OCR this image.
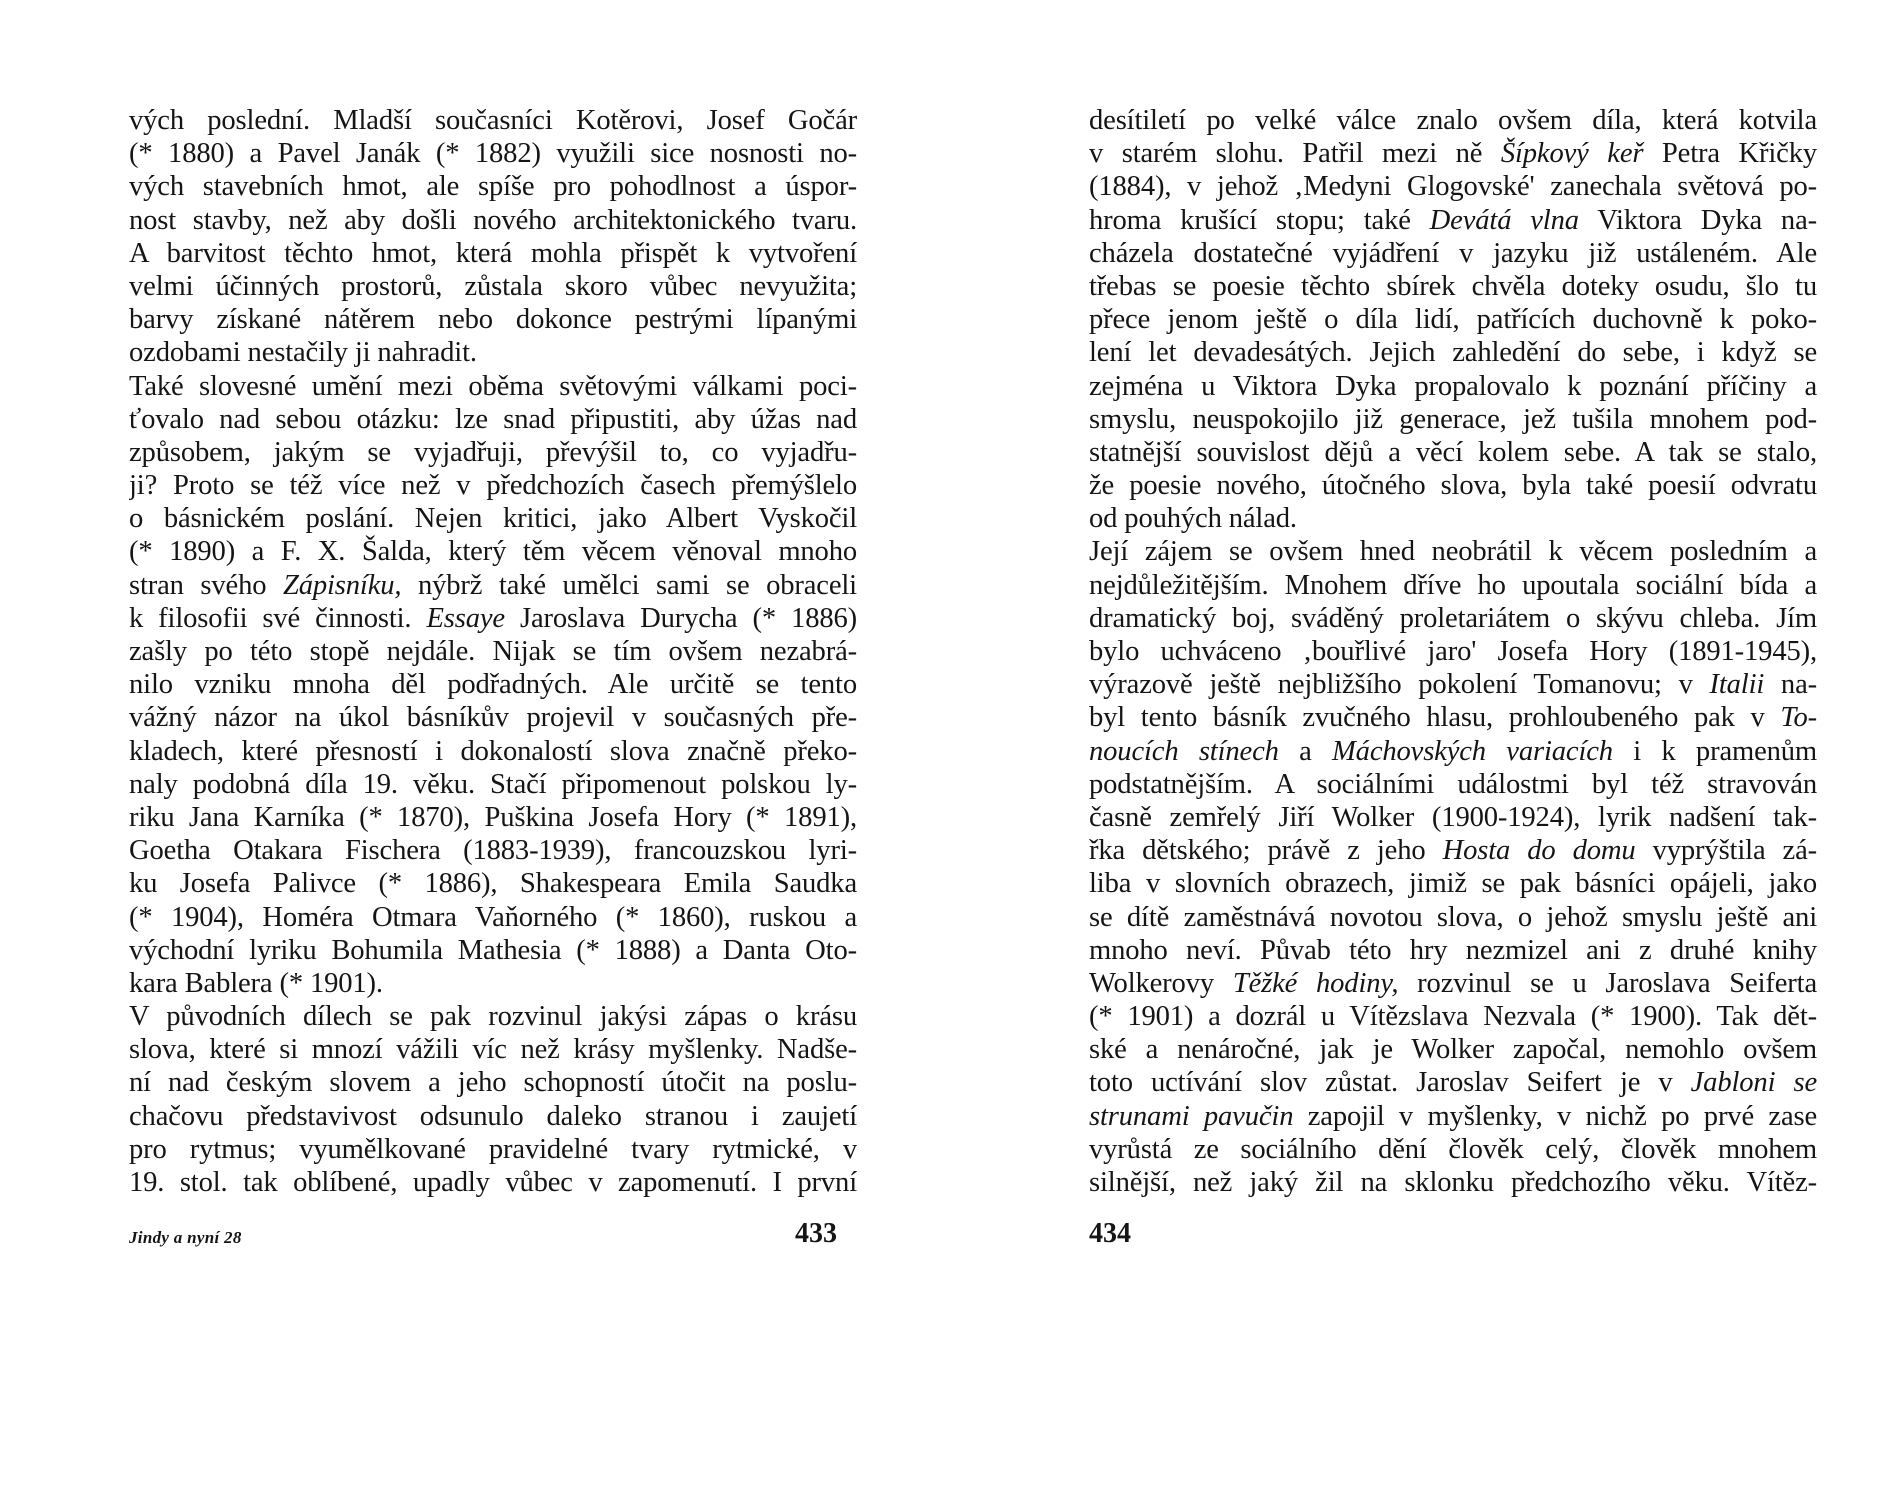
vých poslední. Mladší současníci Kotěrovi, Josef Gočár
(* 1880) a Pavel Janák (* 1882) využili sice nosnosti no-
vých stavebních hmot, ale spíše pro pohodlnost a úspor-
nost stavby, než aby došli nového architektonického tvaru.
A barvitost těchto hmot, která mohla přispět k vytvoření
velmi účinných prostorů, zůstala skoro vůbec nevyužita;
barvy získané nátěrem nebo dokonce pestrými lípanými
ozdobami nestačily ji nahradit.
Také slovesné umění mezi oběma světovými válkami poci-
ťovalo nad sebou otázku: lze snad připustiti, aby úžas nad
způsobem, jakým se vyjadřuji, převýšil to, co vyjadřu-
ji? Proto se též více než v předchozích časech přemýšlelo
o básnickém poslání. Nejen kritici, jako Albert Vyskočil
(* 1890) a F. X. Šalda, který těm věcem věnoval mnoho
stran svého Zápisníku, nýbrž také umělci sami se obraceli
k filosofii své činnosti. Essaye Jaroslava Durycha (* 1886)
zašly po této stopě nejdále. Nijak se tím ovšem nezabrá-
nilo vzniku mnoha děl podřadných. Ale určitě se tento
vážný názor na úkol básníkův projevil v současných pře-
kladech, které přesností i dokonalostí slova značně překo-
naly podobná díla 19. věku. Stačí připomenout polskou ly-
riku Jana Karníka (* 1870), Puškina Josefa Hory (* 1891),
Goetha Otakara Fischera (1883-1939), francouzskou lyri-
ku Josefa Palivce (* 1886), Shakespeara Emila Saudka
(* 1904), Homéra Otmara Vaňorného (* 1860), ruskou a
východní lyriku Bohumila Mathesia (* 1888) a Danta Oto-
kara Bablera (* 1901).
V původních dílech se pak rozvinul jakýsi zápas o krásu
slova, které si mnozí vážili víc než krásy myšlenky. Nadše-
ní nad českým slovem a jeho schopností útočit na poslu-
chačovu představivost odsunulo daleko stranou i zaujetí
pro rytmus; vyumělkované pravidelné tvary rytmické, v
19. stol. tak oblíbené, upadly vůbec v zapomenutí. I první
Jindy a nyní 28	433
desítiletí po velké válce znalo ovšem díla, která kotvila
v starém slohu. Patřil mezi ně Šípkový keř Petra Křičky
(1884), v jehož ‚Medyni Glogovské' zanechala světová po-
hroma krušící stopu; také Devátá vlna Viktora Dyka na-
cházela dostatečné vyjádření v jazyku již ustáleném. Ale
třebas se poesie těchto sbírek chvěla doteky osudu, šlo tu
přece jenom ještě o díla lidí, patřících duchovně k poko-
lení let devadesátých. Jejich zahledění do sebe, i když se
zejména u Viktora Dyka propalovalo k poznání příčiny a
smyslu, neuspokojilo již generace, jež tušila mnohem pod-
statnější souvislost dějů a věcí kolem sebe. A tak se stalo,
že poesie nového, útočného slova, byla také poesií odvratu
od pouhých nálad.
Její zájem se ovšem hned neobrátil k věcem posledním a
nejdůležitějším. Mnohem dříve ho upoutala sociální bída a
dramatický boj, sváděný proletariátem o skývu chleba. Jím
bylo uchváceno ‚bouřlivé jaro' Josefa Hory (1891-1945),
výrazově ještě nejbližšího pokolení Tomanovu; v Italii na-
byl tento básník zvučného hlasu, prohloubeného pak v To-
noucích stínech a Máchovských variacích i k pramenům
podstatnějším. A sociálními událostmi byl též stravován
časně zemřelý Jiří Wolker (1900-1924), lyrik nadšení tak-
řka dětského; právě z jeho Hosta do domu vyprýštila zá-
liba v slovních obrazech, jimiž se pak básníci opájeli, jako
se dítě zaměstnává novotou slova, o jehož smyslu ještě ani
mnoho neví. Půvab této hry nezmizel ani z druhé knihy
Wolkerovy Těžké hodiny, rozvinul se u Jaroslava Seiferta
(* 1901) a dozrál u Vítězslava Nezvala (* 1900). Tak dět-
ské a nenáročné, jak je Wolker započal, nemohlo ovšem
toto uctívání slov zůstat. Jaroslav Seifert je v Jabloni se
strunami pavučin zapojil v myšlenky, v nichž po prvé zase
vyrůstá ze sociálního dění člověk celý, člověk mnohem
silnější, než jaký žil na sklonku předchozího věku. Vítěz-
434
